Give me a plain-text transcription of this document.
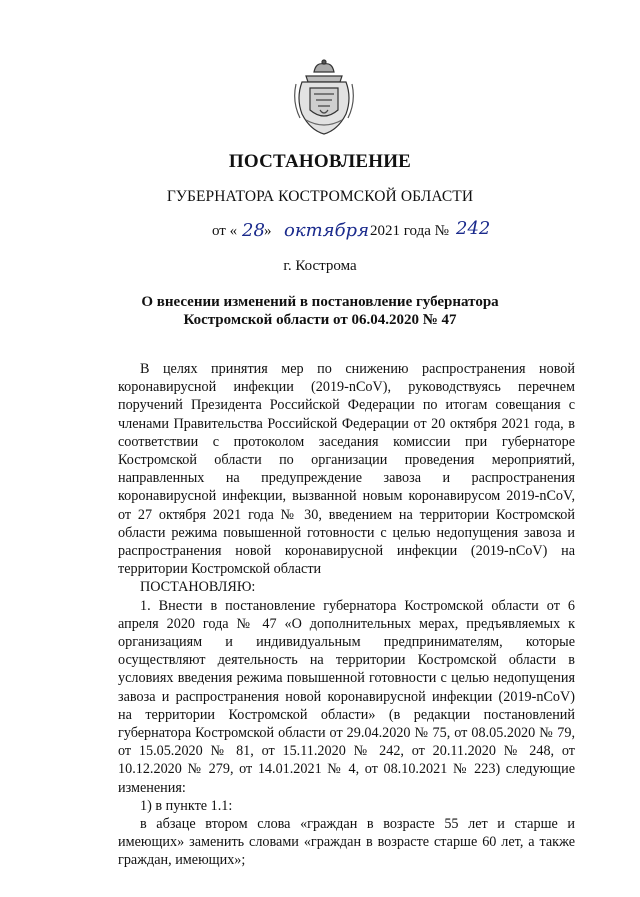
ПОСТАНОВЛЕНИЕ
ГУБЕРНАТОРА КОСТРОМСКОЙ ОБЛАСТИ
от « 28 » октября 2021 года № 242
г. Кострома
О внесении изменений в постановление губернатора
Костромской области от 06.04.2020 № 47

В целях принятия мер по снижению распространения новой коронавирусной инфекции (2019-nCoV), руководствуясь перечнем поручений Президента Российской Федерации по итогам совещания с членами Правительства Российской Федерации от 20 октября 2021 года, в соответствии с протоколом заседания комиссии при губернаторе Костромской области по организации проведения мероприятий, направленных на предупреждение завоза и распространения коронавирусной инфекции, вызванной новым коронавирусом 2019-nCoV, от 27 октября 2021 года № 30, введением на территории Костромской области режима повышенной готовности с целью недопущения завоза и распространения новой коронавирусной инфекции (2019-nCoV) на территории Костромской области

ПОСТАНОВЛЯЮ:

1. Внести в постановление губернатора Костромской области от 6 апреля 2020 года № 47 «О дополнительных мерах, предъявляемых к организациям и индивидуальным предпринимателям, которые осуществляют деятельность на территории Костромской области в условиях введения режима повышенной готовности с целью недопущения завоза и распространения новой коронавирусной инфекции (2019-nCoV) на территории Костромской области» (в редакции постановлений губернатора Костромской области от 29.04.2020 № 75, от 08.05.2020 № 79, от 15.05.2020 № 81, от 15.11.2020 № 242, от 20.11.2020 № 248, от 10.12.2020 № 279, от 14.01.2021 № 4, от 08.10.2021 № 223) следующие изменения:

1) в пункте 1.1:

в абзаце втором слова «граждан в возрасте 55 лет и старше и имеющих» заменить словами «граждан в возрасте старше 60 лет, а также граждан, имеющих»;
